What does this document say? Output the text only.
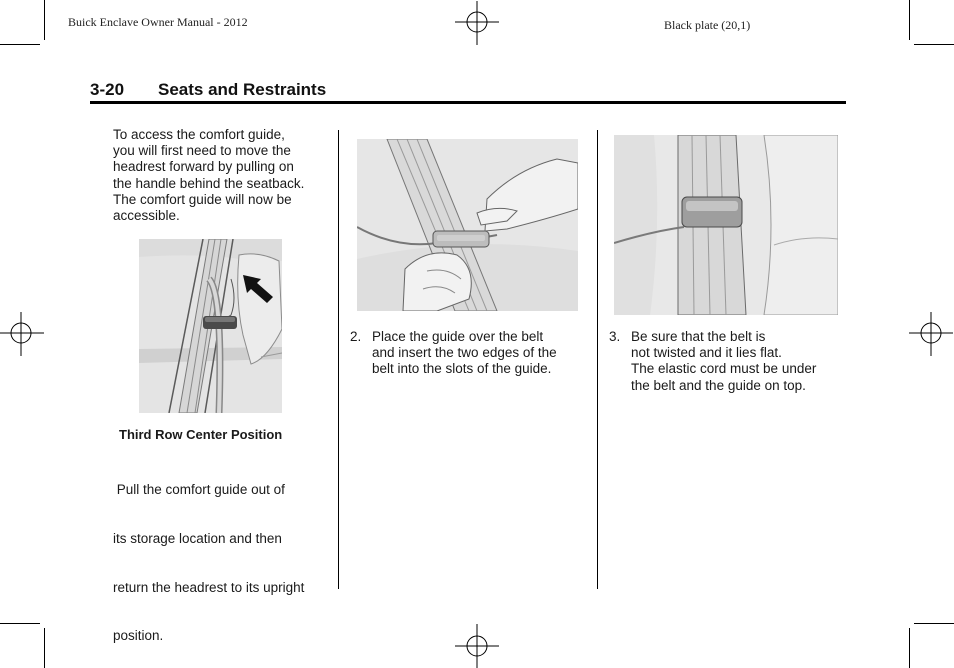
Buick Enclave Owner Manual - 2012	Black plate (20,1)
3-20 Seats and Restraints
To access the comfort guide,
you will first need to move the
headrest forward by pulling on
the handle behind the seatback.
The comfort guide will now be
accessible.
Third Row Center Position

Pull the comfort guide out of

its storage location and then

return the headrest to its upright

position.

2. Place the guide over the belt
and insert the two edges of the
belt into the slots of the guide.
3. Be sure that the belt is
not twisted and it lies flat.
The elastic cord must be under
the belt and the guide on top.
